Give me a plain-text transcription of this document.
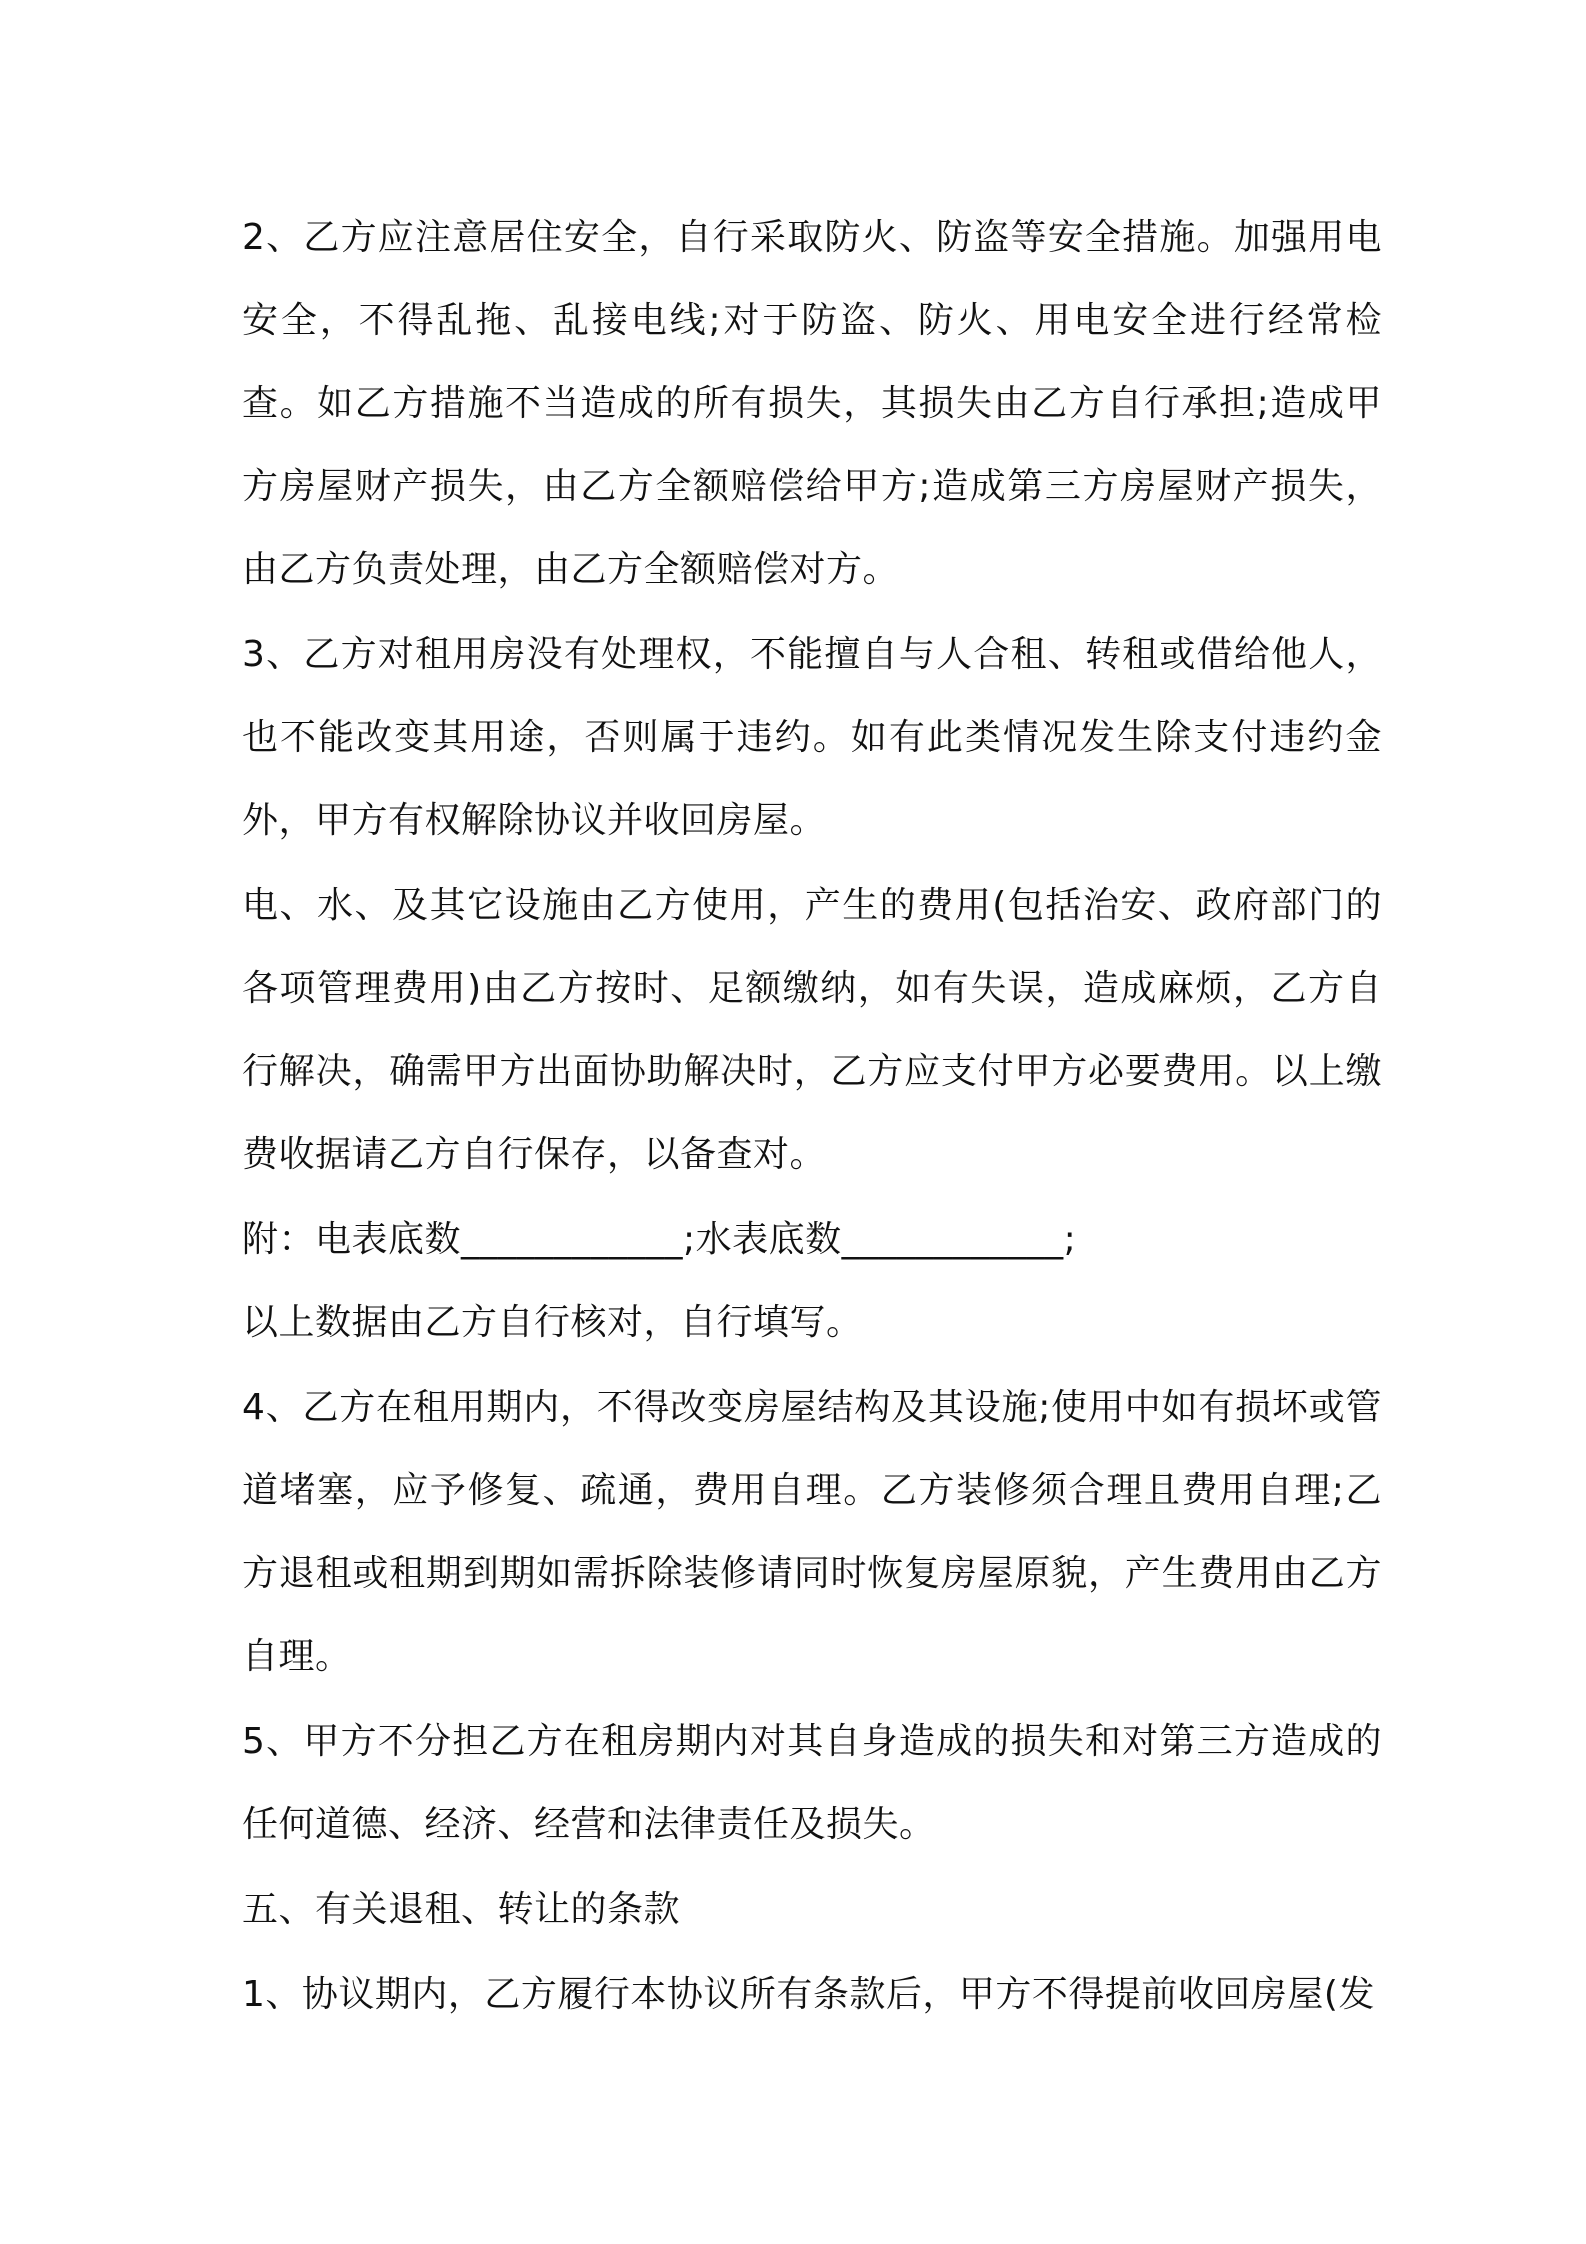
2、乙方应注意居住安全，自行采取防火、防盗等安全措施。加强用电安全，不得乱拖、乱接电线;对于防盗、防火、用电安全进行经常检查。如乙方措施不当造成的所有损失，其损失由乙方自行承担;造成甲方房屋财产损失，由乙方全额赔偿给甲方;造成第三方房屋财产损失，由乙方负责处理，由乙方全额赔偿对方。

3、乙方对租用房没有处理权，不能擅自与人合租、转租或借给他人，也不能改变其用途，否则属于违约。如有此类情况发生除支付违约金外，甲方有权解除协议并收回房屋。

电、水、及其它设施由乙方使用，产生的费用(包括治安、政府部门的各项管理费用)由乙方按时、足额缴纳，如有失误，造成麻烦，乙方自行解决，确需甲方出面协助解决时，乙方应支付甲方必要费用。以上缴费收据请乙方自行保存，以备查对。

附：电表底数____________;水表底数____________;

以上数据由乙方自行核对，自行填写。

4、乙方在租用期内，不得改变房屋结构及其设施;使用中如有损坏或管道堵塞，应予修复、疏通，费用自理。乙方装修须合理且费用自理;乙方退租或租期到期如需拆除装修请同时恢复房屋原貌，产生费用由乙方自理。

5、甲方不分担乙方在租房期内对其自身造成的损失和对第三方造成的任何道德、经济、经营和法律责任及损失。

五、有关退租、转让的条款

1、协议期内，乙方履行本协议所有条款后，甲方不得提前收回房屋(发
